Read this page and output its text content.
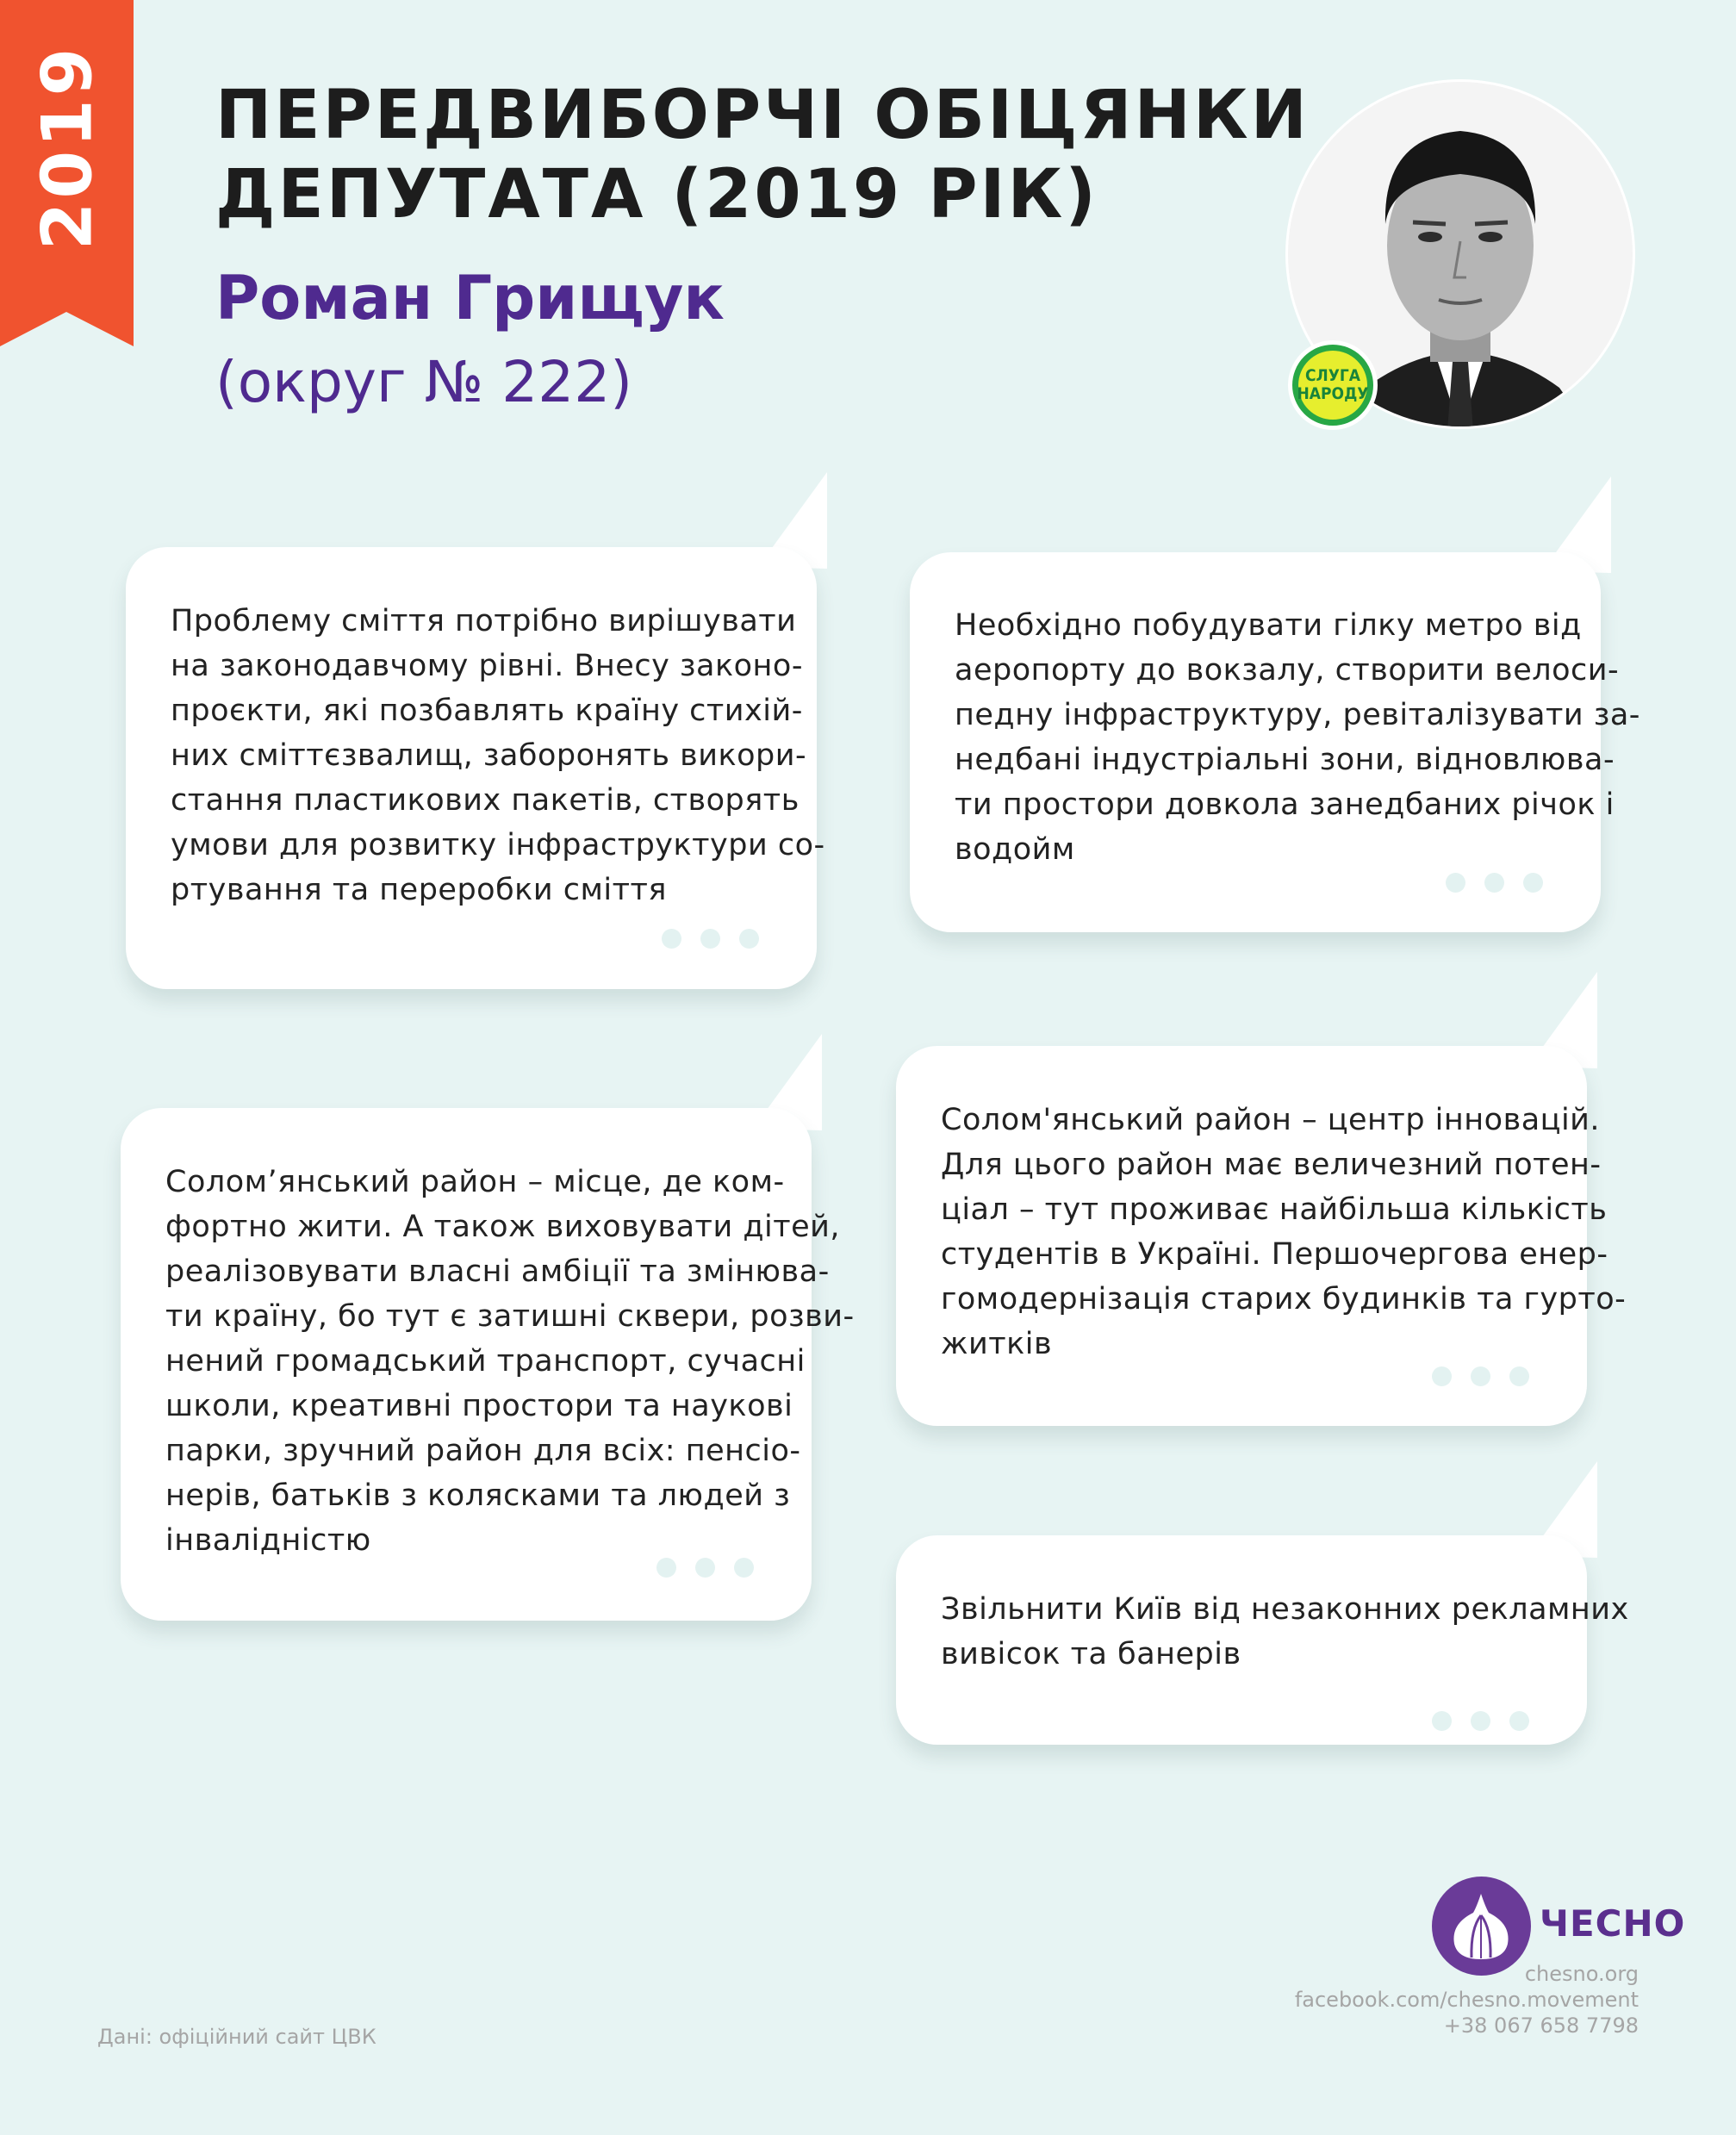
2019 ПЕРЕДВИБОРЧІ ОБІЦЯНКИ
ДЕПУТАТА (2019 РІК)
Роман Грищук
(округ № 222)	СЛУГА
НАРОДУ
Проблему сміття потрібно вирішувати
на законодавчому рівні. Внесу законо-
проєкти, які позбавлять країну стихій-
них сміттєзвалищ, заборонять викори-
стання пластикових пакетів, створять
умови для розвитку інфраструктури со-
ртування та переробки сміття
Необхідно побудувати гілку метро від
аеропорту до вокзалу, створити велоси-
педну інфраструктуру, ревіталізувати за-
недбані індустріальні зони, відновлюва-
ти простори довкола занедбаних річок і
водойм
Солом’янський район – місце, де ком-
фортно жити. А також виховувати дітей,
реалізовувати власні амбіції та змінюва-
ти країну, бо тут є затишні сквери, розви-
нений громадський транспорт, сучасні
школи, креативні простори та наукові
парки, зручний район для всіх: пенсіо-
нерів, батьків з колясками та людей з
інвалідністю
Солом'янський район – центр інновацій.
Для цього район має величезний потен-
ціал – тут проживає найбільша кількість
студентів в Україні. Першочергова енер-
гомодернізація старих будинків та гурто-
житків
Звільнити Київ від незаконних рекламних
вивісок та банерів
ЧЕСНО
chesno.org
facebook.com/chesno.movement
+38 067 658 7798
Дані: офіційний сайт ЦВК
